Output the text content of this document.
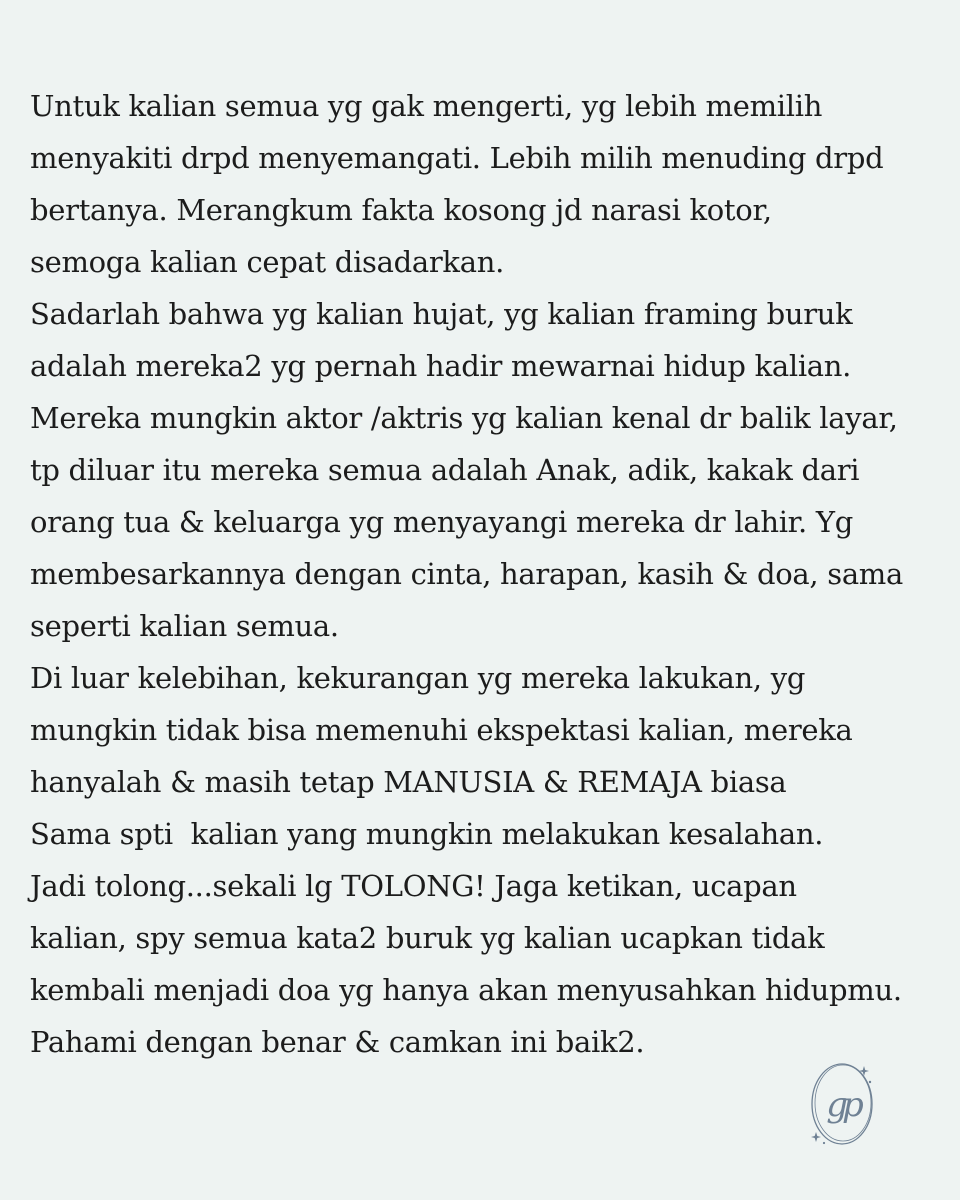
Untuk kalian semua yg gak mengerti, yg lebih memilih
menyakiti drpd menyemangati. Lebih milih menuding drpd
bertanya. Merangkum fakta kosong jd narasi kotor,
semoga kalian cepat disadarkan.
Sadarlah bahwa yg kalian hujat, yg kalian framing buruk
adalah mereka2 yg pernah hadir mewarnai hidup kalian.
Mereka mungkin aktor /aktris yg kalian kenal dr balik layar,
tp diluar itu mereka semua adalah Anak, adik, kakak dari
orang tua & keluarga yg menyayangi mereka dr lahir. Yg
membesarkannya dengan cinta, harapan, kasih & doa, sama
seperti kalian semua.
Di luar kelebihan, kekurangan yg mereka lakukan, yg
mungkin tidak bisa memenuhi ekspektasi kalian, mereka
hanyalah & masih tetap MANUSIA & REMAJA biasa
Sama spti  kalian yang mungkin melakukan kesalahan.
Jadi tolong...sekali lg TOLONG! Jaga ketikan, ucapan
kalian, spy semua kata2 buruk yg kalian ucapkan tidak
kembali menjadi doa yg hanya akan menyusahkan hidupmu.
Pahami dengan benar & camkan ini baik2.
gp
